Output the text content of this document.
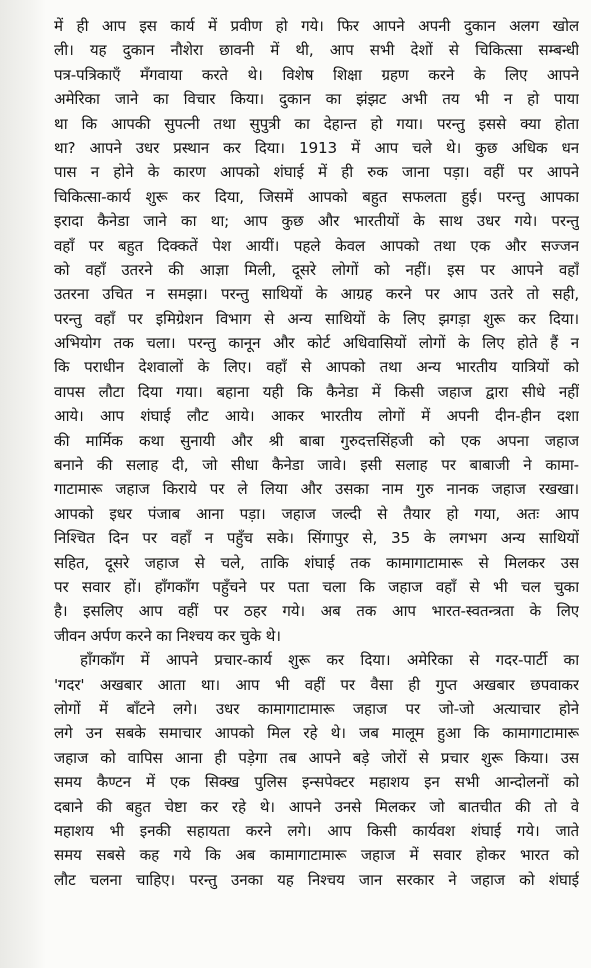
में ही आप इस कार्य में प्रवीण हो गये। फिर आपने अपनी दुकान अलग खोल
ली। यह दुकान नौशेरा छावनी में थी, आप सभी देशों से चिकित्सा सम्बन्धी
पत्र-पत्रिकाएँ मँगवाया करते थे। विशेष शिक्षा ग्रहण करने के लिए आपने
अमेरिका जाने का विचार किया। दुकान का झंझट अभी तय भी न हो पाया
था कि आपकी सुपत्नी तथा सुपुत्री का देहान्त हो गया। परन्तु इससे क्या होता
था? आपने उधर प्रस्थान कर दिया। 1913 में आप चले थे। कुछ अधिक धन
पास न होने के कारण आपको शंघाई में ही रुक जाना पड़ा। वहीं पर आपने
चिकित्सा-कार्य शुरू कर दिया, जिसमें आपको बहुत सफलता हुई। परन्तु आपका
इरादा कैनेडा जाने का था; आप कुछ और भारतीयों के साथ उधर गये। परन्तु
वहाँ पर बहुत दिक्कतें पेश आयीं। पहले केवल आपको तथा एक और सज्जन
को वहाँ उतरने की आज्ञा मिली, दूसरे लोगों को नहीं। इस पर आपने वहाँ
उतरना उचित न समझा। परन्तु साथियों के आग्रह करने पर आप उतरे तो सही,
परन्तु वहाँ पर इमिग्रेशन विभाग से अन्य साथियों के लिए झगड़ा शुरू कर दिया।
अभियोग तक चला। परन्तु कानून और कोर्ट अधिवासियों लोगों के लिए होते हैं न
कि पराधीन देशवालों के लिए। वहाँ से आपको तथा अन्य भारतीय यात्रियों को
वापस लौटा दिया गया। बहाना यही कि कैनेडा में किसी जहाज द्वारा सीधे नहीं
आये। आप शंघाई लौट आये। आकर भारतीय लोगों में अपनी दीन-हीन दशा
की मार्मिक कथा सुनायी और श्री बाबा गुरुदत्तसिंहजी को एक अपना जहाज
बनाने की सलाह दी, जो सीधा कैनेडा जावे। इसी सलाह पर बाबाजी ने कामा-
गाटामारू जहाज किराये पर ले लिया और उसका नाम गुरु नानक जहाज रखखा।
आपको इधर पंजाब आना पड़ा। जहाज जल्दी से तैयार हो गया, अतः आप
निश्चित दिन पर वहाँ न पहुँच सके। सिंगापुर से, 35 के लगभग अन्य साथियों
सहित, दूसरे जहाज से चले, ताकि शंघाई तक कामागाटामारू से मिलकर उस
पर सवार हों। हाँगकाँग पहुँचने पर पता चला कि जहाज वहाँ से भी चल चुका
है। इसलिए आप वहीं पर ठहर गये। अब तक आप भारत-स्वतन्त्रता के लिए
जीवन अर्पण करने का निश्चय कर चुके थे।
हाँगकाँग में आपने प्रचार-कार्य शुरू कर दिया। अमेरिका से गदर-पार्टी का
'गदर' अखबार आता था। आप भी वहीं पर वैसा ही गुप्त अखबार छपवाकर
लोगों में बाँटने लगे। उधर कामागाटामारू जहाज पर जो-जो अत्याचार होने
लगे उन सबके समाचार आपको मिल रहे थे। जब मालूम हुआ कि कामागाटामारू
जहाज को वापिस आना ही पड़ेगा तब आपने बड़े जोरों से प्रचार शुरू किया। उस
समय कैण्टन में एक सिक्ख पुलिस इन्सपेक्टर महाशय इन सभी आन्दोलनों को
दबाने की बहुत चेष्टा कर रहे थे। आपने उनसे मिलकर जो बातचीत की तो वे
महाशय भी इनकी सहायता करने लगे। आप किसी कार्यवश शंघाई गये। जाते
समय सबसे कह गये कि अब कामागाटामारू जहाज में सवार होकर भारत को
लौट चलना चाहिए। परन्तु उनका यह निश्चय जान सरकार ने जहाज को शंघाई
